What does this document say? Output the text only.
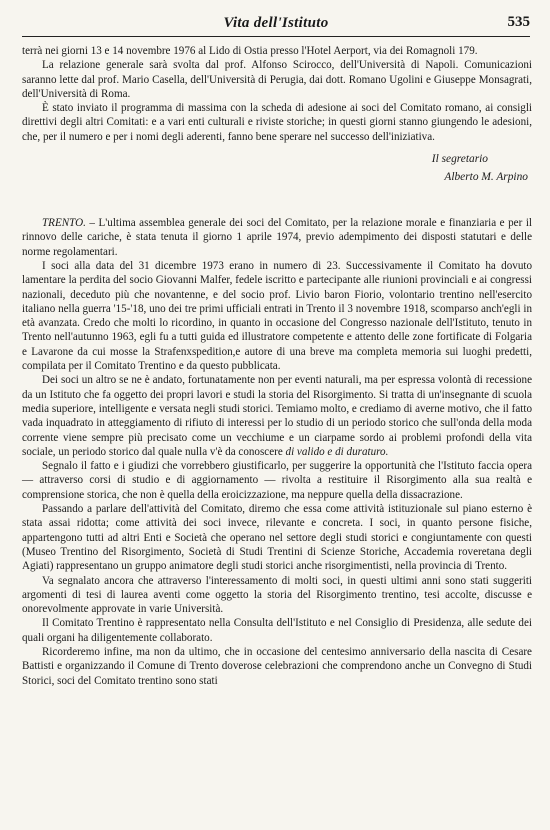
Vita dell'Istituto	535

terrà nei giorni 13 e 14 novembre 1976 al Lido di Ostia presso l'Hotel Aerport, via dei Romagnoli 179.

La relazione generale sarà svolta dal prof. Alfonso Scirocco, dell'Università di Napoli. Comunicazioni saranno lette dal prof. Mario Casella, dell'Università di Perugia, dai dott. Romano Ugolini e Giuseppe Monsagrati, dell'Università di Roma.

È stato inviato il programma di massima con la scheda di adesione ai soci del Comitato romano, ai consigli direttivi degli altri Comitati: e a vari enti culturali e riviste storiche; in questi giorni stanno giungendo le adesioni, che, per il numero e per i nomi degli aderenti, fanno bene sperare nel successo dell'iniziativa.

Il segretario
Alberto M. Arpino

TRENTO. – L'ultima assemblea generale dei soci del Comitato, per la relazione morale e finanziaria e per il rinnovo delle cariche, è stata tenuta il giorno 1 aprile 1974, previo adempimento dei disposti statutari e delle norme regolamentari.

I soci alla data del 31 dicembre 1973 erano in numero di 23. Successivamente il Comitato ha dovuto lamentare la perdita del socio Giovanni Malfer, fedele iscritto e partecipante alle riunioni provinciali e ai congressi nazionali, deceduto più che novantenne, e del socio prof. Livio baron Fiorio, volontario trentino nell'esercito italiano nella guerra '15-'18, uno dei tre primi ufficiali entrati in Trento il 3 novembre 1918, scomparso anch'egli in età avanzata. Credo che molti lo ricordino, in quanto in occasione del Congresso nazionale dell'Istituto, tenuto in Trento nell'autunno 1963, egli fu a tutti guida ed illustratore competente e attento delle zone fortificate di Folgaria e Lavarone da cui mosse la Strafenxspedition,e autore di una breve ma completa memoria sui luoghi predetti, compilata per il Comitato Trentino e da questo pubblicata.

Dei soci un altro se ne è andato, fortunatamente non per eventi naturali, ma per espressa volontà di recessione da un Istituto che fa oggetto dei propri lavori e studi la storia del Risorgimento. Si tratta di un'insegnante di scuola media superiore, intelligente e versata negli studi storici. Temiamo molto, e crediamo di averne motivo, che il fatto vada inquadrato in atteggiamento di rifiuto di interessi per lo studio di un periodo storico che sull'onda della moda corrente viene sempre più precisato come un vecchiume e un ciarpame sordo ai problemi profondi della vita sociale, un periodo storico dal quale nulla v'è da conoscere di valido e di duraturo.

Segnalo il fatto e i giudizi che vorrebbero giustificarlo, per suggerire la opportunità che l'Istituto faccia opera — attraverso corsi di studio e di aggiornamento — rivolta a restituire il Risorgimento alla sua realtà e comprensione storica, che non è quella della eroicizzazione, ma neppure quella della dissacrazione.

Passando a parlare dell'attività del Comitato, diremo che essa come attività istituzionale sul piano esterno è stata assai ridotta; come attività dei soci invece, rilevante e concreta. I soci, in quanto persone fisiche, appartengono tutti ad altri Enti e Società che operano nel settore degli studi storici e congiuntamente con questi (Museo Trentino del Risorgimento, Società di Studi Trentini di Scienze Storiche, Accademia roveretana degli Agiati) rappresentano un gruppo animatore degli studi storici anche risorgimentisti, nella provincia di Trento.

Va segnalato ancora che attraverso l'interessamento di molti soci, in questi ultimi anni sono stati suggeriti argomenti di tesi di laurea aventi come oggetto la storia del Risorgimento trentino, tesi accolte, discusse e onorevolmente approvate in varie Università.

Il Comitato Trentino è rappresentato nella Consulta dell'Istituto e nel Consiglio di Presidenza, alle sedute dei quali organi ha diligentemente collaborato.

Ricorderemo infine, ma non da ultimo, che in occasione del centesimo anniversario della nascita di Cesare Battisti e organizzando il Comune di Trento doverose celebrazioni che comprendono anche un Convegno di Studi Storici, soci del Comitato trentino sono stati
